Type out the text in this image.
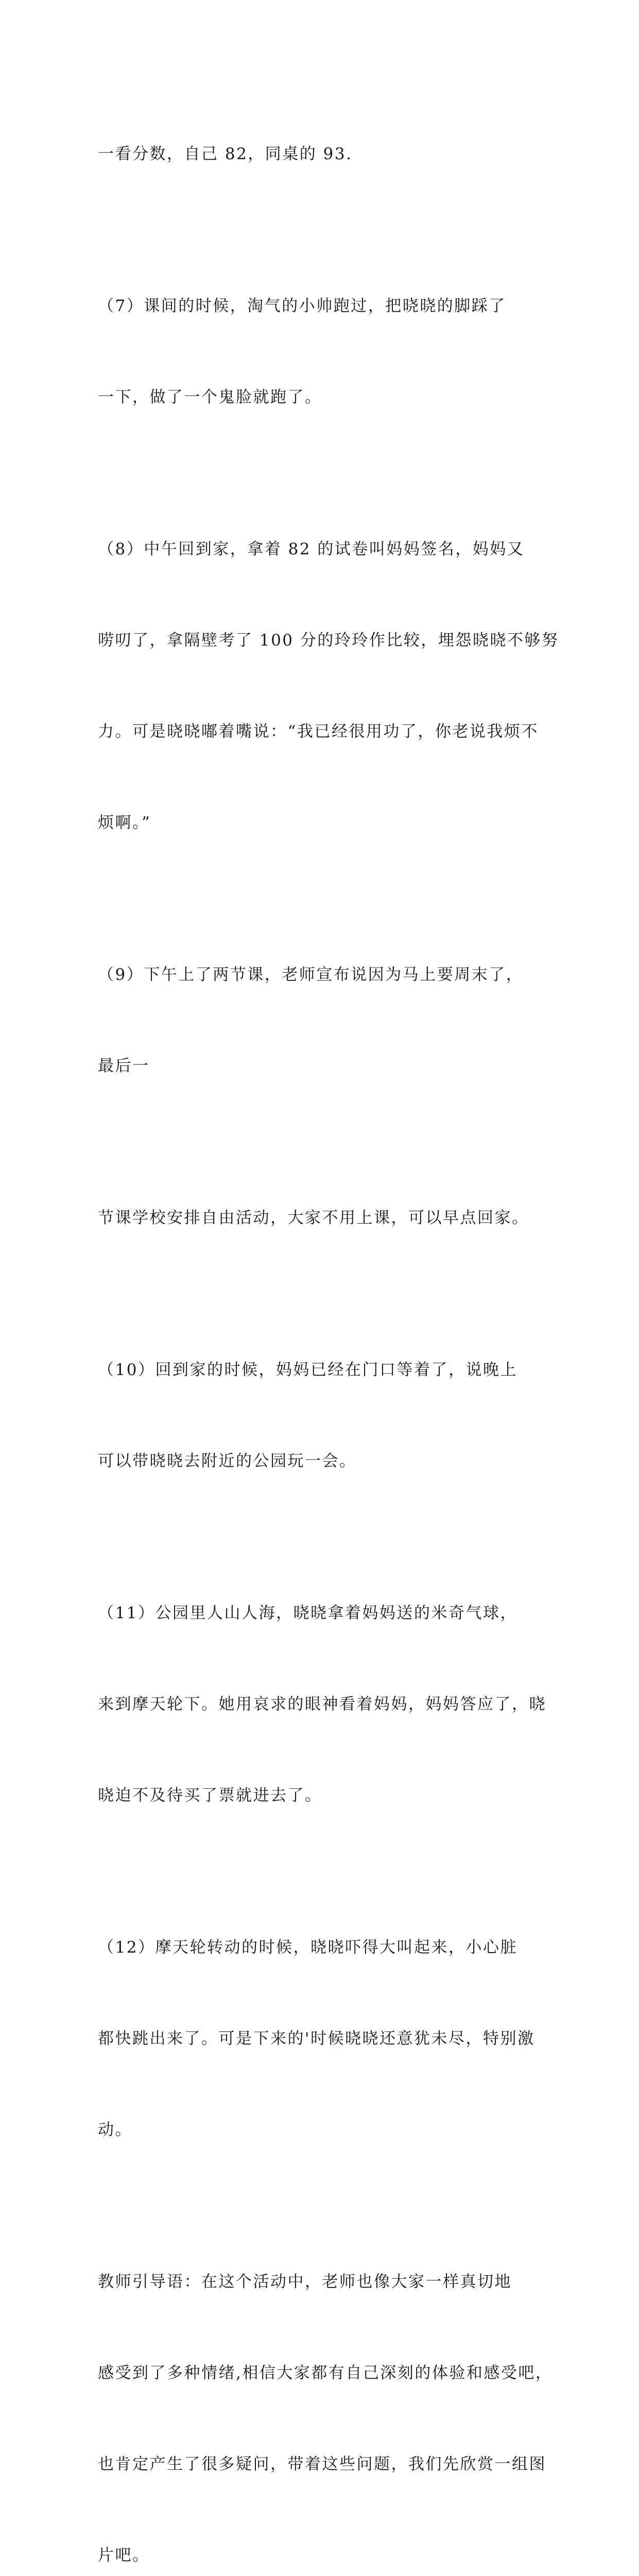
一看分数，自己 82，同桌的 93.

（7）课间的时候，淘气的小帅跑过，把晓晓的脚踩了

一下，做了一个鬼脸就跑了。

（8）中午回到家，拿着 82 的试卷叫妈妈签名，妈妈又

唠叨了，拿隔壁考了 100 分的玲玲作比较，埋怨晓晓不够努

力。可是晓晓嘟着嘴说：“我已经很用功了，你老说我烦不

烦啊。”

（9）下午上了两节课，老师宣布说因为马上要周末了，

最后一

节课学校安排自由活动，大家不用上课，可以早点回家。

（10）回到家的时候，妈妈已经在门口等着了，说晚上

可以带晓晓去附近的公园玩一会。

（11）公园里人山人海，晓晓拿着妈妈送的米奇气球，

来到摩天轮下。她用哀求的眼神看着妈妈，妈妈答应了，晓

晓迫不及待买了票就进去了。

（12）摩天轮转动的时候，晓晓吓得大叫起来，小心脏

都快跳出来了。可是下来的'时候晓晓还意犹未尽，特别激

动。

教师引导语：在这个活动中，老师也像大家一样真切地

感受到了多种情绪,相信大家都有自己深刻的体验和感受吧，

也肯定产生了很多疑问，带着这些问题，我们先欣赏一组图

片吧。
